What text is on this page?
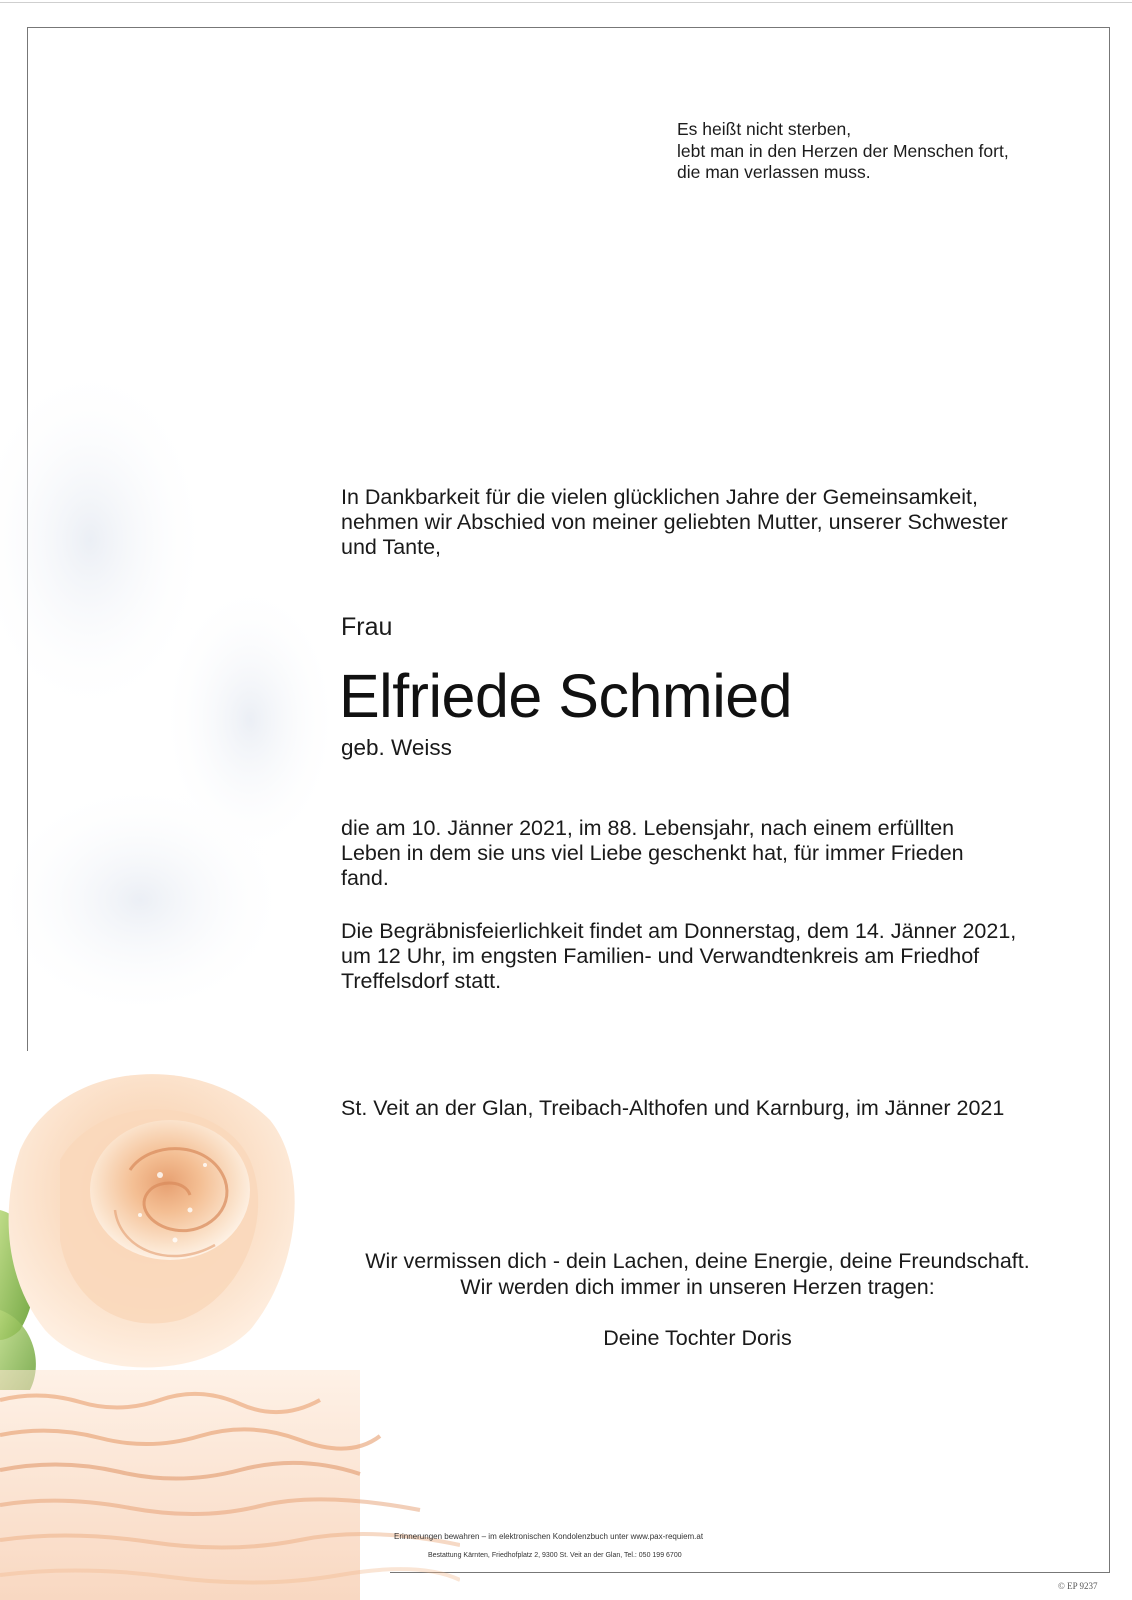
Es heißt nicht sterben,
lebt man in den Herzen der Menschen fort,
die man verlassen muss.
In Dankbarkeit für die vielen glücklichen Jahre der Gemeinsamkeit,
nehmen wir Abschied von meiner geliebten Mutter, unserer Schwester
und Tante,
Frau
Elfriede Schmied
geb. Weiss
die am 10. Jänner 2021, im 88. Lebensjahr, nach einem erfüllten
Leben in dem sie uns viel Liebe geschenkt hat, für immer Frieden
fand.
Die Begräbnisfeierlichkeit findet am Donnerstag, dem 14. Jänner 2021,
um 12 Uhr, im engsten Familien- und Verwandtenkreis am Friedhof
Treffelsdorf statt.
St. Veit an der Glan, Treibach-Althofen und Karnburg, im Jänner 2021
Wir vermissen dich - dein Lachen, deine Energie, deine Freundschaft.
Wir werden dich immer in unseren Herzen tragen:
Deine Tochter Doris
Erinnerungen bewahren – im elektronischen Kondolenzbuch unter www.pax-requiem.at
Bestattung Kärnten, Friedhofplatz 2, 9300 St. Veit an der Glan, Tel.: 050 199 6700
© EP 9237
